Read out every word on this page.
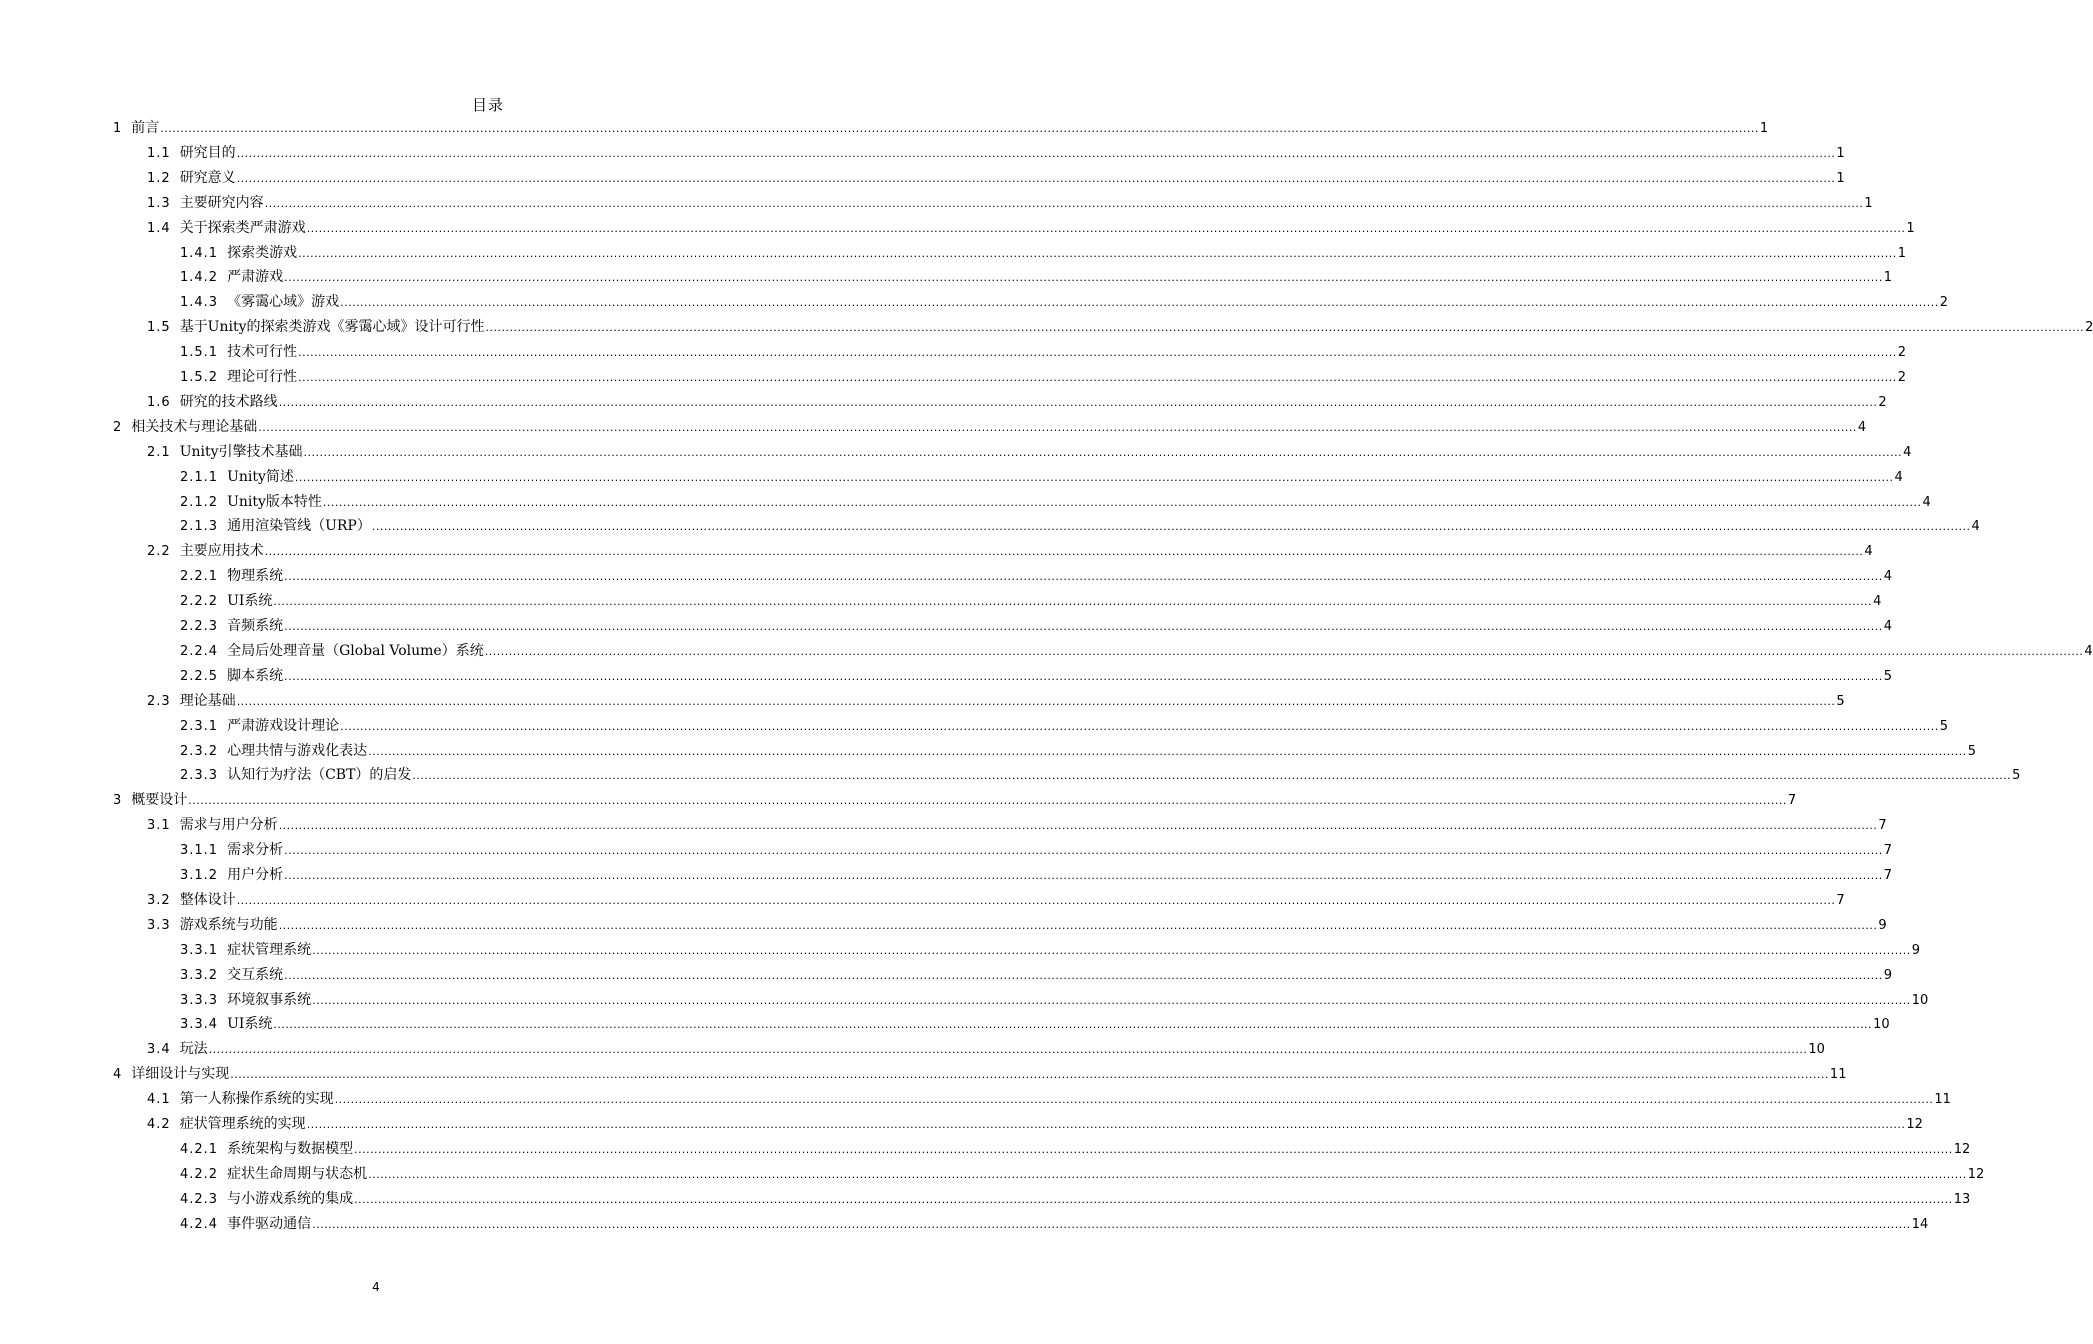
目录
1 前言 ................................................................................................................................................................................................................................................................................................................................................................................................................ 1
1.1 研究目的 ................................................................................................................................................................................................................................................................................................................................................................................................................ 1
1.2 研究意义 ................................................................................................................................................................................................................................................................................................................................................................................................................ 1
1.3 主要研究内容 ................................................................................................................................................................................................................................................................................................................................................................................................................ 1
1.4 关于探索类严肃游戏 ................................................................................................................................................................................................................................................................................................................................................................................................................ 1
1.4.1 探索类游戏 ................................................................................................................................................................................................................................................................................................................................................................................................................ 1
1.4.2 严肃游戏 ................................................................................................................................................................................................................................................................................................................................................................................................................ 1
1.4.3 《雾霭心域》游戏 ................................................................................................................................................................................................................................................................................................................................................................................................................ 2
1.5 基于Unity的探索类游戏《雾霭心域》设计可行性 ................................................................................................................................................................................................................................................................................................................................................................................................................ 2
1.5.1 技术可行性 ................................................................................................................................................................................................................................................................................................................................................................................................................ 2
1.5.2 理论可行性 ................................................................................................................................................................................................................................................................................................................................................................................................................ 2
1.6 研究的技术路线 ................................................................................................................................................................................................................................................................................................................................................................................................................ 2
2 相关技术与理论基础 ................................................................................................................................................................................................................................................................................................................................................................................................................ 4
2.1 Unity引擎技术基础 ................................................................................................................................................................................................................................................................................................................................................................................................................ 4
2.1.1 Unity简述 ................................................................................................................................................................................................................................................................................................................................................................................................................ 4
2.1.2 Unity版本特性 ................................................................................................................................................................................................................................................................................................................................................................................................................ 4
2.1.3 通用渲染管线（URP） ................................................................................................................................................................................................................................................................................................................................................................................................................ 4
2.2 主要应用技术 ................................................................................................................................................................................................................................................................................................................................................................................................................ 4
2.2.1 物理系统 ................................................................................................................................................................................................................................................................................................................................................................................................................ 4
2.2.2 UI系统 ................................................................................................................................................................................................................................................................................................................................................................................................................ 4
2.2.3 音频系统 ................................................................................................................................................................................................................................................................................................................................................................................................................ 4
2.2.4 全局后处理音量（Global Volume）系统 ................................................................................................................................................................................................................................................................................................................................................................................................................ 4
2.2.5 脚本系统 ................................................................................................................................................................................................................................................................................................................................................................................................................ 5
2.3 理论基础 ................................................................................................................................................................................................................................................................................................................................................................................................................ 5
2.3.1 严肃游戏设计理论 ................................................................................................................................................................................................................................................................................................................................................................................................................ 5
2.3.2 心理共情与游戏化表达 ................................................................................................................................................................................................................................................................................................................................................................................................................ 5
2.3.3 认知行为疗法（CBT）的启发 ................................................................................................................................................................................................................................................................................................................................................................................................................ 5
3 概要设计 ................................................................................................................................................................................................................................................................................................................................................................................................................ 7
3.1 需求与用户分析 ................................................................................................................................................................................................................................................................................................................................................................................................................ 7
3.1.1 需求分析 ................................................................................................................................................................................................................................................................................................................................................................................................................ 7
3.1.2 用户分析 ................................................................................................................................................................................................................................................................................................................................................................................................................ 7
3.2 整体设计 ................................................................................................................................................................................................................................................................................................................................................................................................................ 7
3.3 游戏系统与功能 ................................................................................................................................................................................................................................................................................................................................................................................................................ 9
3.3.1 症状管理系统 ................................................................................................................................................................................................................................................................................................................................................................................................................ 9
3.3.2 交互系统 ................................................................................................................................................................................................................................................................................................................................................................................................................ 9
3.3.3 环境叙事系统 ................................................................................................................................................................................................................................................................................................................................................................................................................ 10
3.3.4 UI系统 ................................................................................................................................................................................................................................................................................................................................................................................................................ 10
3.4 玩法 ................................................................................................................................................................................................................................................................................................................................................................................................................ 10
4 详细设计与实现 ................................................................................................................................................................................................................................................................................................................................................................................................................ 11
4.1 第一人称操作系统的实现 ................................................................................................................................................................................................................................................................................................................................................................................................................ 11
4.2 症状管理系统的实现 ................................................................................................................................................................................................................................................................................................................................................................................................................ 12
4.2.1 系统架构与数据模型 ................................................................................................................................................................................................................................................................................................................................................................................................................ 12
4.2.2 症状生命周期与状态机 ................................................................................................................................................................................................................................................................................................................................................................................................................ 12
4.2.3 与小游戏系统的集成 ................................................................................................................................................................................................................................................................................................................................................................................................................ 13
4.2.4 事件驱动通信 ................................................................................................................................................................................................................................................................................................................................................................................................................ 14
4
